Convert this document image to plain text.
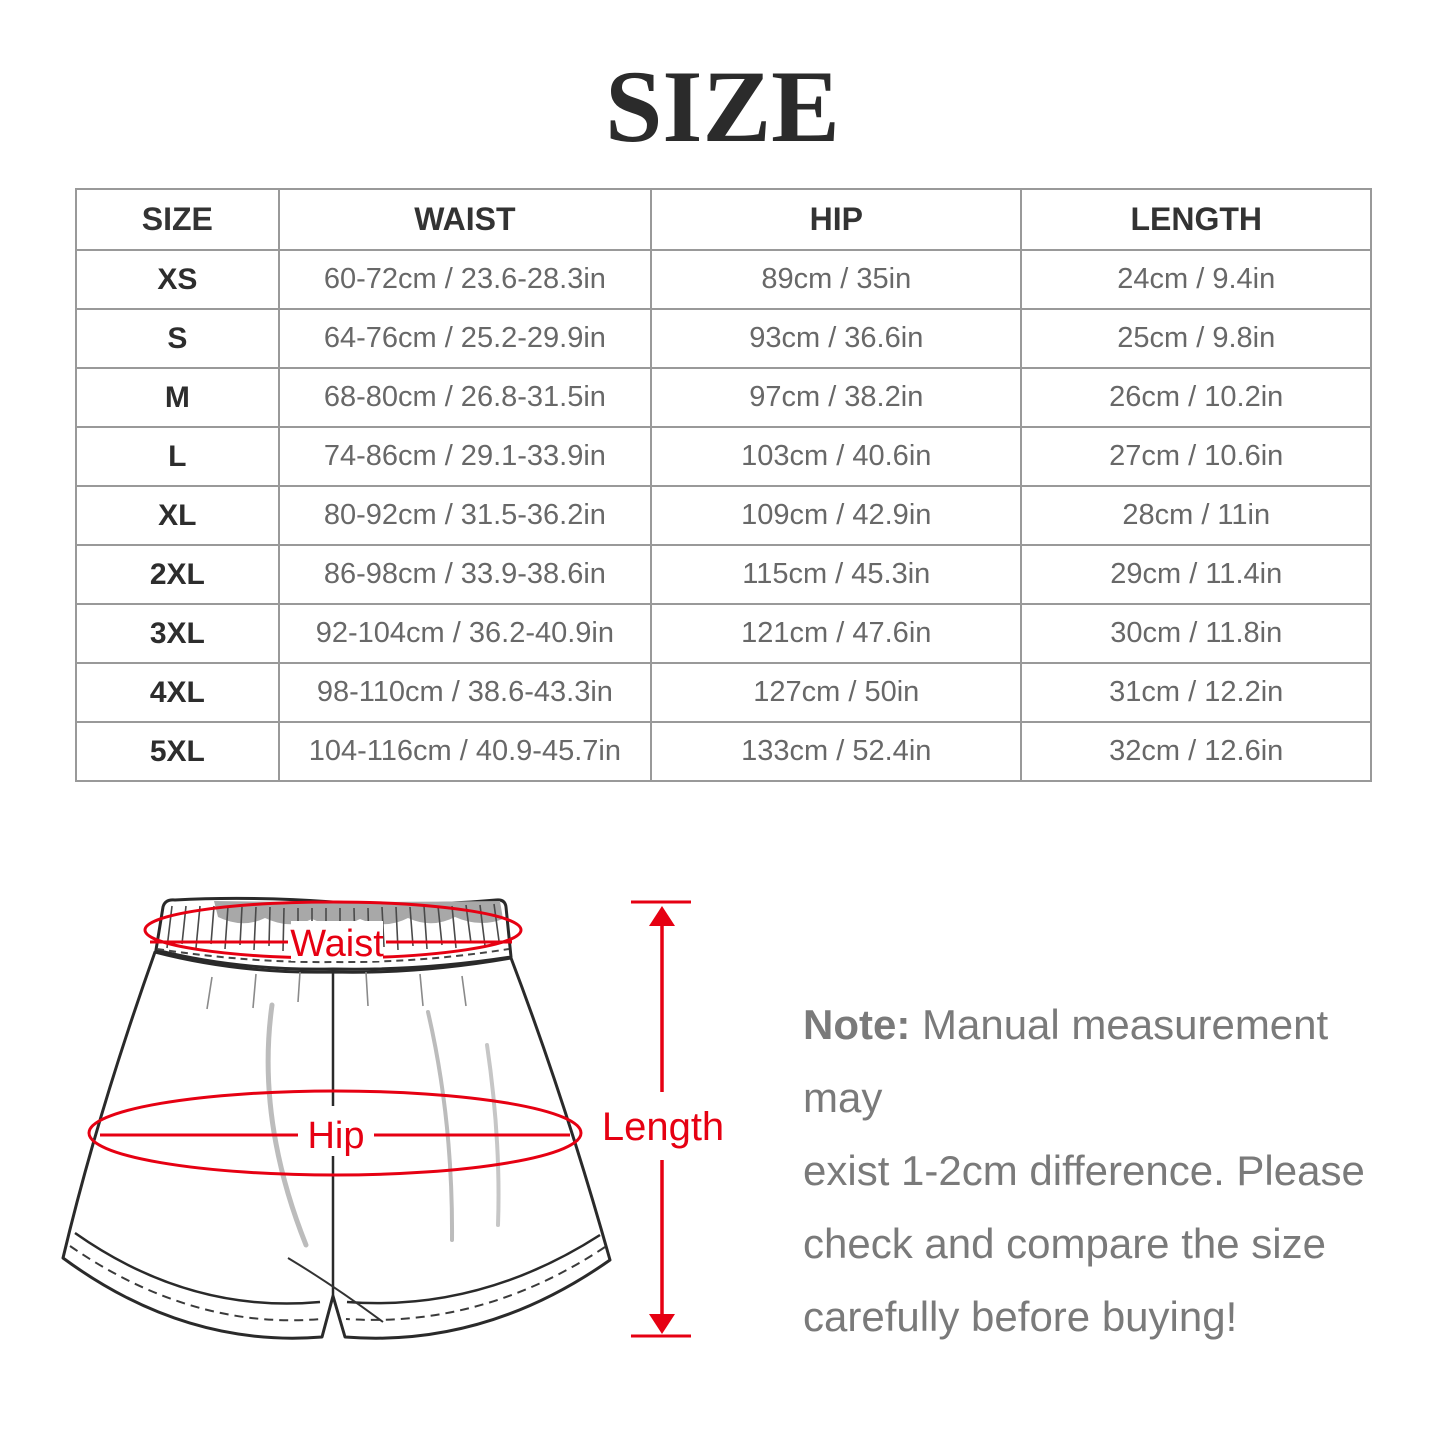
SIZE
SIZE	WAIST	HIP	LENGTH
XS	60-72cm / 23.6-28.3in	89cm / 35in	24cm / 9.4in
S	64-76cm / 25.2-29.9in	93cm / 36.6in	25cm / 9.8in
M	68-80cm / 26.8-31.5in	97cm / 38.2in	26cm / 10.2in
L	74-86cm / 29.1-33.9in	103cm / 40.6in	27cm / 10.6in
XL	80-92cm / 31.5-36.2in	109cm / 42.9in	28cm / 11in
2XL	86-98cm / 33.9-38.6in	115cm / 45.3in	29cm / 11.4in
3XL	92-104cm / 36.2-40.9in	121cm / 47.6in	30cm / 11.8in
4XL	98-110cm / 38.6-43.3in	127cm / 50in	31cm / 12.2in
5XL	104-116cm / 40.9-45.7in	133cm / 52.4in	32cm / 12.6in
Waist
Hip	Length

Note: Manual measurement may

exist 1-2cm difference. Please

check and compare the size

carefully before buying!
